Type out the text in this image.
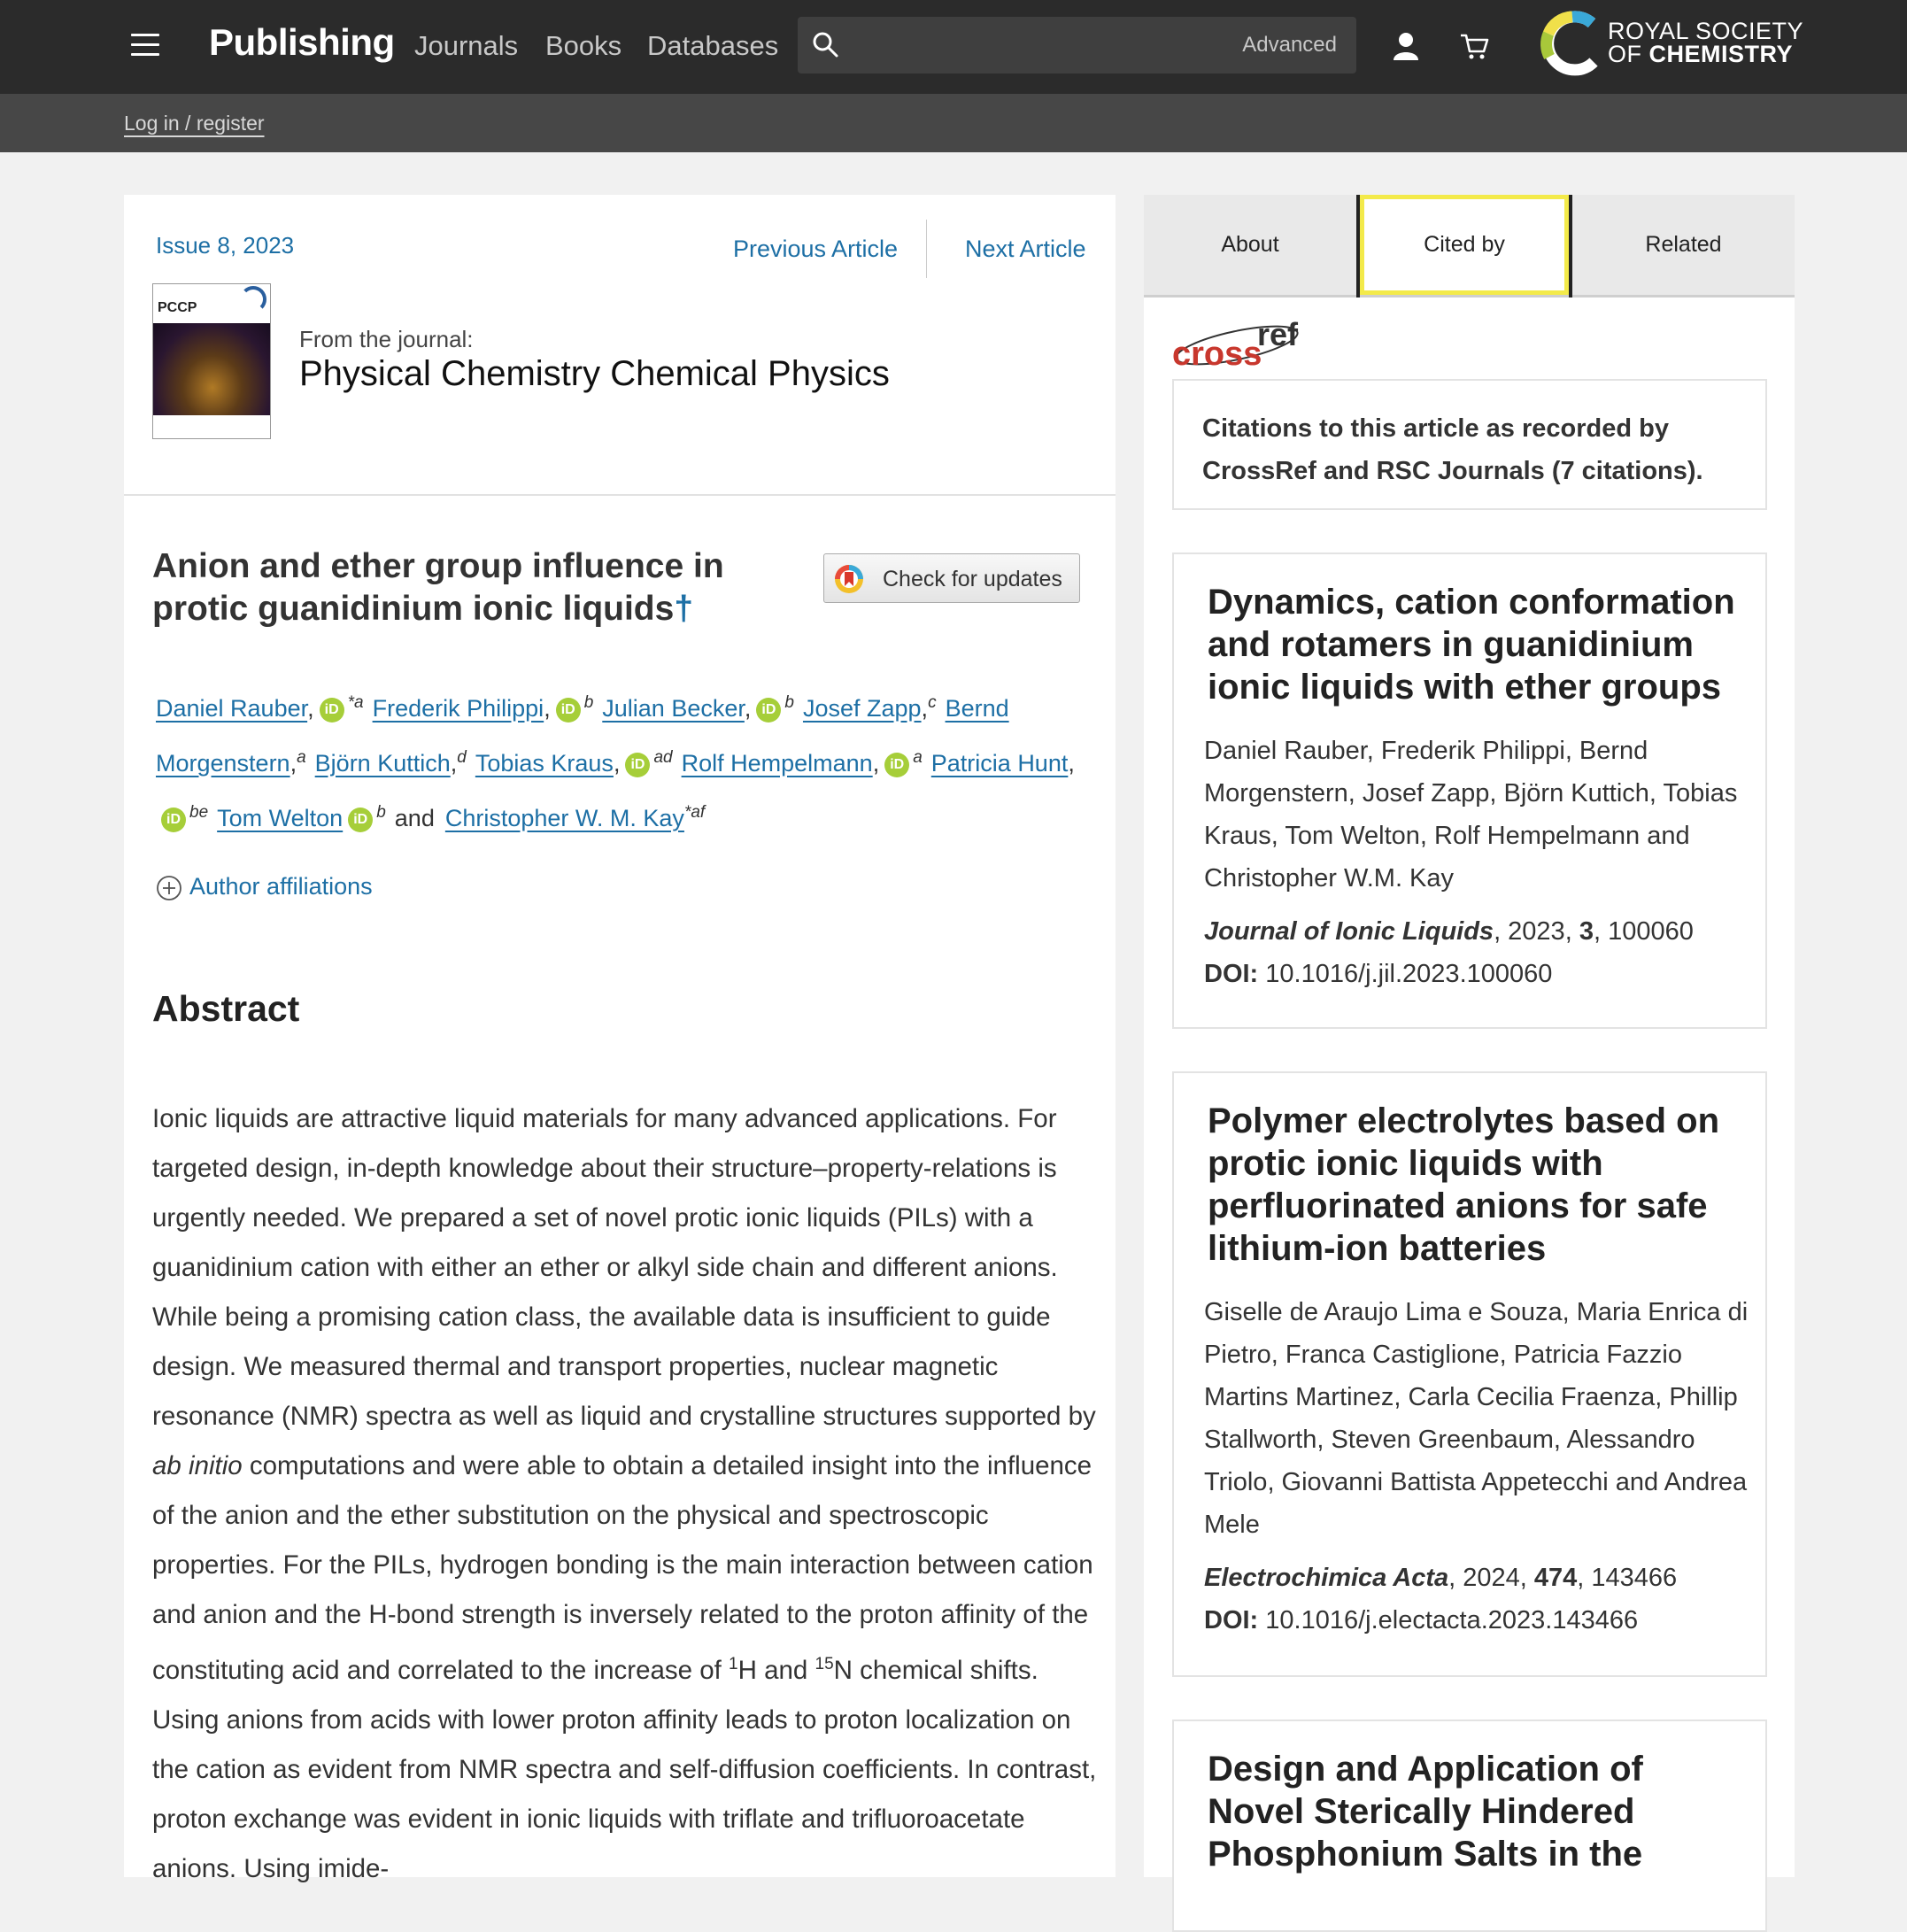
Publishing Journals Books Databases	Advanced
ROYAL SOCIETY
OF CHEMISTRY
Log in / register
Issue 8, 2023	Previous Article	Next Article
PCCP
From the journal:
Physical Chemistry Chemical Physics
Anion and ether group influence in protic guanidinium ionic liquids†
Check for updates
Daniel Rauber, iD $^{*a}$ Frederik Philippi, iD $^b$ Julian Becker, iD $^b$ Josef Zapp,$^c$ Bernd Morgenstern,$^a$ Björn Kuttich,$^d$ Tobias Kraus, iD $^{ad}$ Rolf Hempelmann, iD $^a$ Patricia Hunt,iD $^{be}$ Tom Welton iD $^b$ and Christopher W. M. Kay$^{*af}$
Author affiliations
Abstract
Ionic liquids are attractive liquid materials for many advanced applications. For targeted design, in-depth knowledge about their structure–property-relations is urgently needed. We prepared a set of novel protic ionic liquids (PILs) with a guanidinium cation with either an ether or alkyl side chain and different anions. While being a promising cation class, the available data is insufficient to guide design. We measured thermal and transport properties, nuclear magnetic resonance (NMR) spectra as well as liquid and crystalline structures supported by ab initio computations and were able to obtain a detailed insight into the influence of the anion and the ether substitution on the physical and spectroscopic properties. For the PILs, hydrogen bonding is the main interaction between cation and anion and the H-bond strength is inversely related to the proton affinity of the constituting acid and correlated to the increase of $^1$H and $^{15}$N chemical shifts. Using anions from acids with lower proton affinity leads to proton localization on the cation as evident from NMR spectra and self-diffusion coefficients. In contrast, proton exchange was evident in ionic liquids with triflate and trifluoroacetate anions. Using imide-
About	Cited by	Related
cross
ref

Citations to this article as recorded by CrossRef and RSC Journals (7 citations).

Dynamics, cation conformation and rotamers in guanidinium ionic liquids with ether groups
Daniel Rauber, Frederik Philippi, Bernd Morgenstern, Josef Zapp, Björn Kuttich, Tobias Kraus, Tom Welton, Rolf Hempelmann and Christopher W.M. Kay
Journal of Ionic Liquids, 2023, 3, 100060
DOI: 10.1016/j.jil.2023.100060
Polymer electrolytes based on protic ionic liquids with perfluorinated anions for safe lithium-ion batteries
Giselle de Araujo Lima e Souza, Maria Enrica di Pietro, Franca Castiglione, Patricia Fazzio Martins Martinez, Carla Cecilia Fraenza, Phillip Stallworth, Steven Greenbaum, Alessandro Triolo, Giovanni Battista Appetecchi and Andrea Mele
Electrochimica Acta, 2024, 474, 143466
DOI: 10.1016/j.electacta.2023.143466
Design and Application of Novel Sterically Hindered Phosphonium Salts in the
